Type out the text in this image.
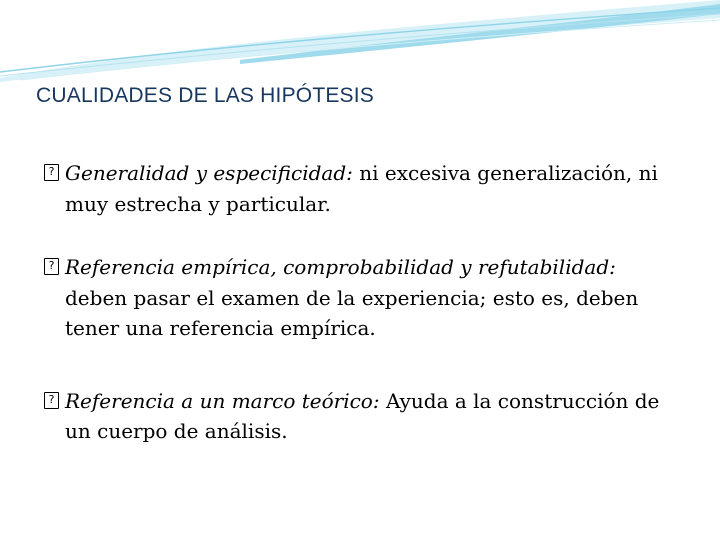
CUALIDADES DE LAS HIPÓTESIS
? Generalidad y especificidad: ni excesiva generalización, ni muy estrecha y particular.
? Referencia empírica, comprobabilidad y refutabilidad: deben pasar el examen de la experiencia; esto es, deben tener una referencia empírica.
? Referencia a un marco teórico: Ayuda a la construcción de un cuerpo de análisis.
